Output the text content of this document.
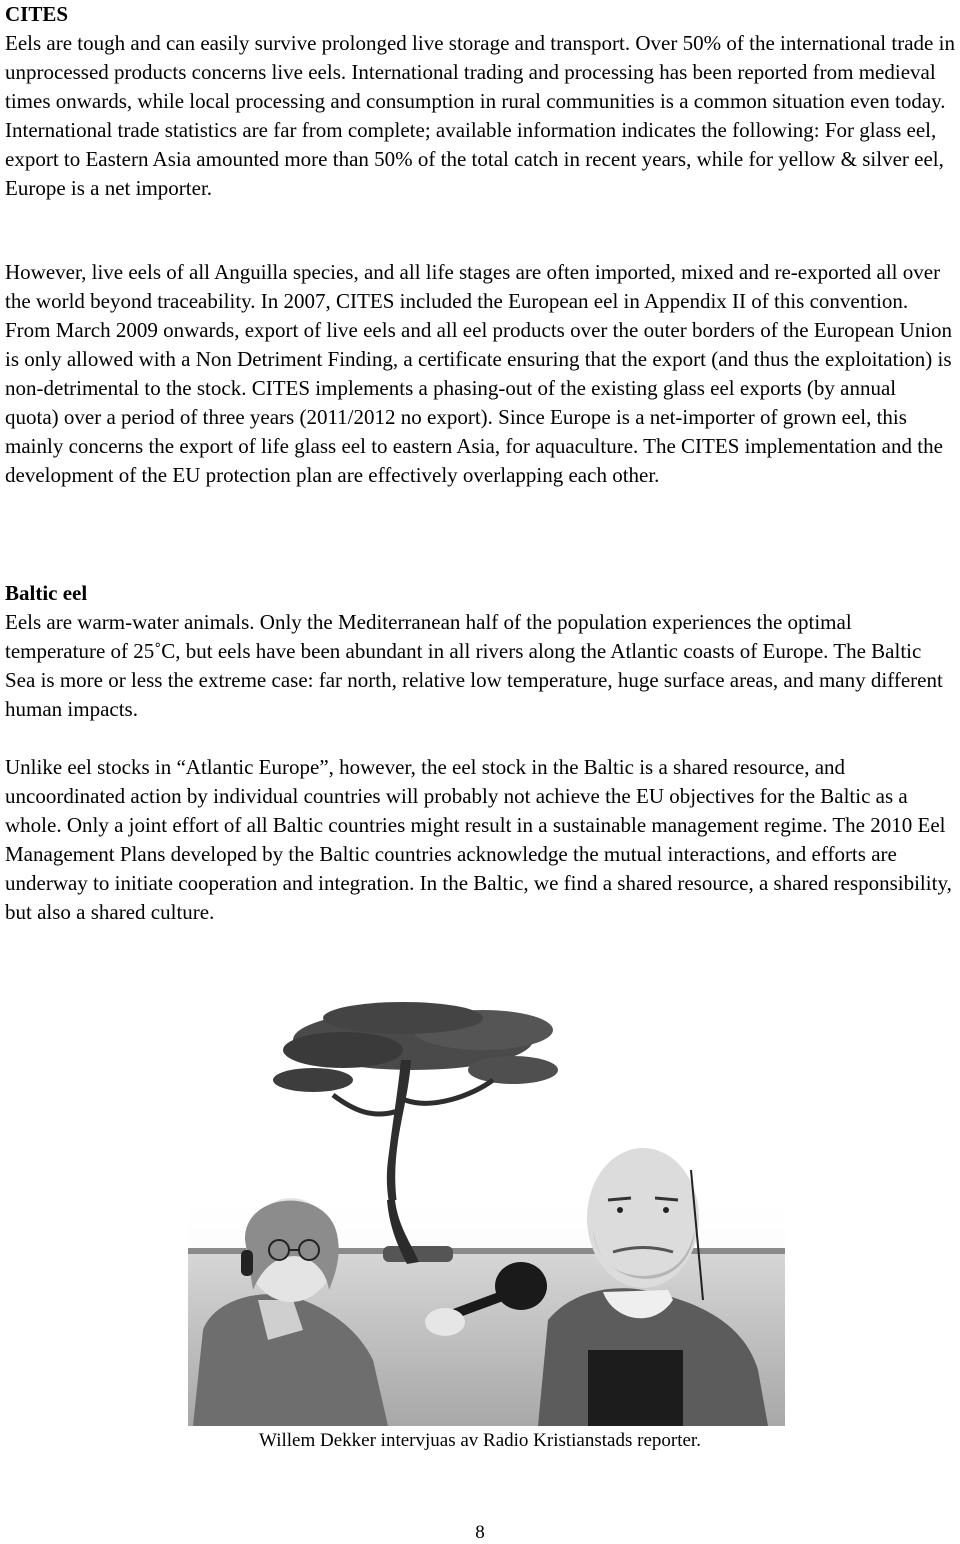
CITES

Eels are tough and can easily survive prolonged live storage and transport. Over 50% of the international trade in unprocessed products concerns live eels. International trading and processing has been reported from medieval times onwards, while local processing and consumption in rural communities is a common situation even today. International trade statistics are far from complete; available information indicates the following: For glass eel, export to Eastern Asia amounted more than 50% of the total catch in recent years, while for yellow & silver eel, Europe is a net importer.

However, live eels of all Anguilla species, and all life stages are often imported, mixed and re-exported all over the world beyond traceability. In 2007, CITES included the European eel in Appendix II of this convention. From March 2009 onwards, export of live eels and all eel products over the outer borders of the European Union is only allowed with a Non Detriment Finding, a certificate ensuring that the export (and thus the exploitation) is non-detrimental to the stock. CITES implements a phasing-out of the existing glass eel exports (by annual quota) over a period of three years (2011/2012 no export). Since Europe is a net-importer of grown eel, this mainly concerns the export of life glass eel to eastern Asia, for aquaculture. The CITES implementation and the development of the EU protection plan are effectively overlapping each other.

Baltic eel

Eels are warm-water animals. Only the Mediterranean half of the population experiences the optimal temperature of 25˚C, but eels have been abundant in all rivers along the Atlantic coasts of Europe. The Baltic Sea is more or less the extreme case: far north, relative low temperature, huge surface areas, and many different human impacts.

Unlike eel stocks in “Atlantic Europe”, however, the eel stock in the Baltic is a shared resource, and uncoordinated action by individual countries will probably not achieve the EU objectives for the Baltic as a whole. Only a joint effort of all Baltic countries might result in a sustainable management regime. The 2010 Eel Management Plans developed by the Baltic countries acknowledge the mutual interactions, and efforts are underway to initiate cooperation and integration. In the Baltic, we find a shared resource, a shared responsibility, but also a shared culture.

Willem Dekker intervjuas av Radio Kristianstads reporter.
8
